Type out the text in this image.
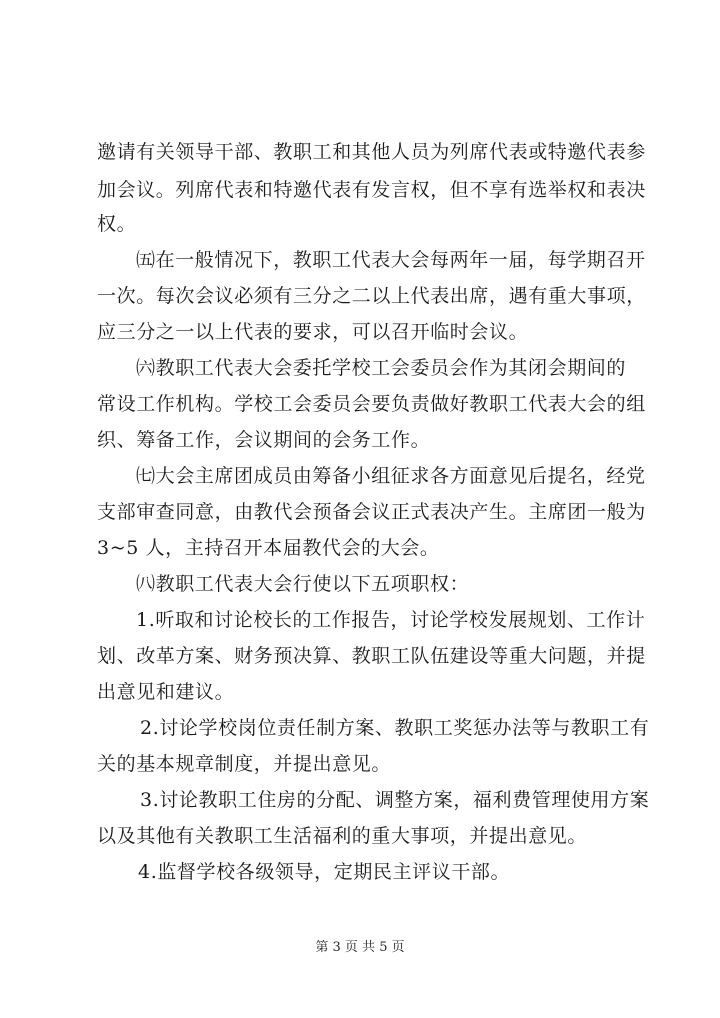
邀请有关领导干部、教职工和其他人员为列席代表或特邀代表参
加会议。列席代表和特邀代表有发言权，但不享有选举权和表决
权。
㈤在一般情况下，教职工代表大会每两年一届，每学期召开
一次。每次会议必须有三分之二以上代表出席，遇有重大事项，
应三分之一以上代表的要求，可以召开临时会议。
㈥教职工代表大会委托学校工会委员会作为其闭会期间的
常设工作机构。学校工会委员会要负责做好教职工代表大会的组
织、筹备工作，会议期间的会务工作。
㈦大会主席团成员由筹备小组征求各方面意见后提名，经党
支部审查同意，由教代会预备会议正式表决产生。主席团一般为
3~5 人，主持召开本届教代会的大会。
㈧教职工代表大会行使以下五项职权：
1.听取和讨论校长的工作报告，讨论学校发展规划、工作计
划、改革方案、财务预决算、教职工队伍建设等重大问题，并提
出意见和建议。
2.讨论学校岗位责任制方案、教职工奖惩办法等与教职工有
关的基本规章制度，并提出意见。
3.讨论教职工住房的分配、调整方案，福利费管理使用方案
以及其他有关教职工生活福利的重大事项，并提出意见。
4.监督学校各级领导，定期民主评议干部。
第 3 页 共 5 页
